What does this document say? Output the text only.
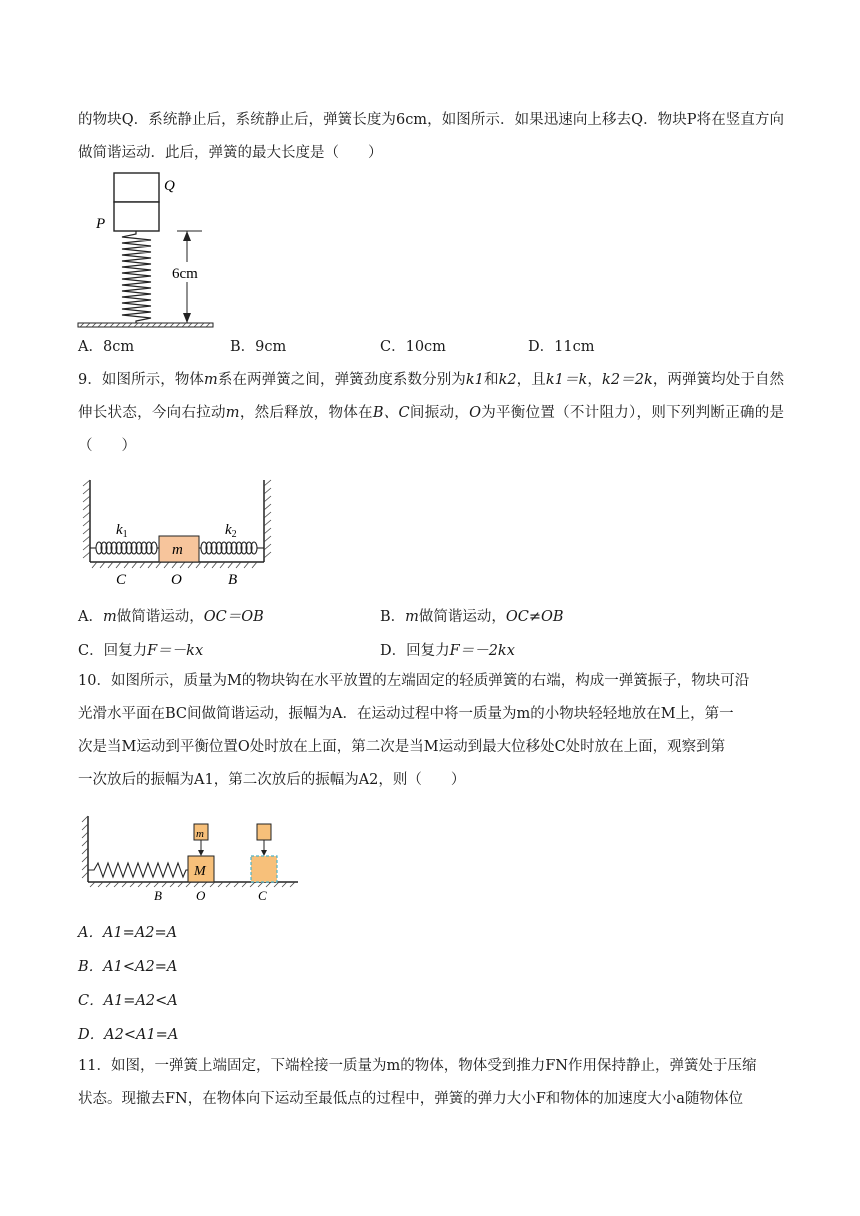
的物块Q．系统静止后，系统静止后，弹簧长度为6cm，如图所示．如果迅速向上移去Q．物块P将在竖直方向做简谐运动．此后，弹簧的最大长度是（　　）
Q
P
6cm
A．8cm	B．9cm	C．10cm	D．11cm
9．如图所示，物体m系在两弹簧之间，弹簧劲度系数分别为k1和k2，且k1＝k，k2＝2k，两弹簧均处于自然伸长状态，今向右拉动m，然后释放，物体在B、C间振动，O为平衡位置（不计阻力），则下列判断正确的是（　　）
m
$k_1$	$k_2$
C	O	B
A．m做简谐运动，OC＝OB	B．m做简谐运动，OC≠OB
C．回复力F＝－kx	D．回复力F＝－2kx
10．如图所示，质量为M的物块钩在水平放置的左端固定的轻质弹簧的右端，构成一弹簧振子，物块可沿
光滑水平面在BC间做简谐运动，振幅为A．在运动过程中将一质量为m的小物块轻轻地放在M上，第一
次是当M运动到平衡位置O处时放在上面，第二次是当M运动到最大位移处C处时放在上面，观察到第
一次放后的振幅为A1，第二次放后的振幅为A2，则（　　）
M
m
B	O	C
A．A1=A2=A
B．A1<A2=A
C．A1=A2<A
D．A2<A1=A
11．如图，一弹簧上端固定，下端栓接一质量为m的物体，物体受到推力FN作用保持静止，弹簧处于压缩
状态。现撤去FN，在物体向下运动至最低点的过程中，弹簧的弹力大小F和物体的加速度大小a随物体位
